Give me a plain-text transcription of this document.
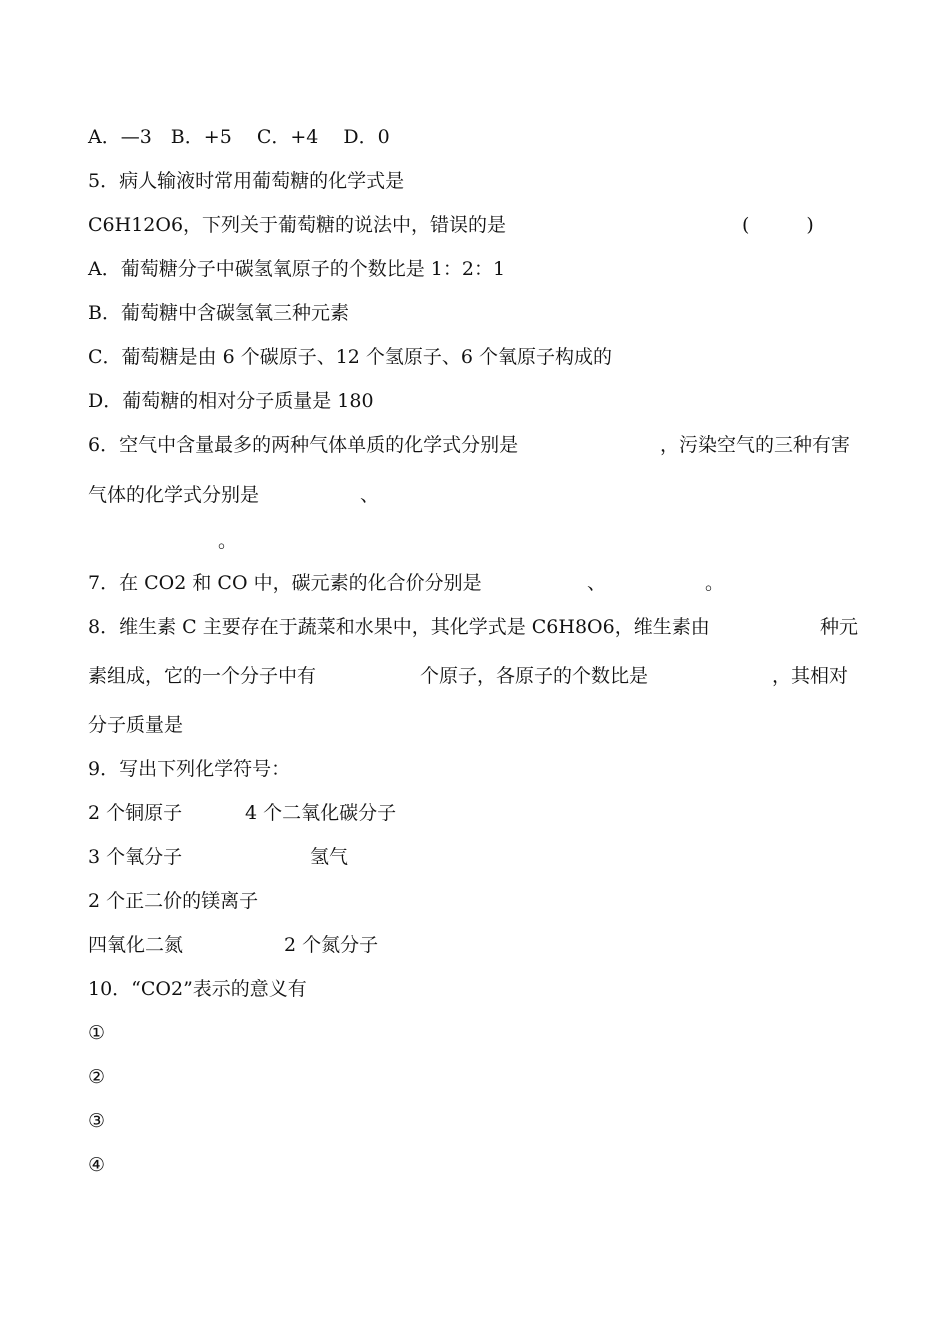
A．—3　B．+5　 C．+4　 D．0
5．病人输液时常用葡萄糖的化学式是
C6H12O6，下列关于葡萄糖的说法中，错误的是	(　　　)
A．葡萄糖分子中碳氢氧原子的个数比是 1：2：1
B．葡萄糖中含碳氢氧三种元素
C．葡萄糖是由 6 个碳原子、12 个氢原子、6 个氧原子构成的
D．葡萄糖的相对分子质量是 180
6．空气中含量最多的两种气体单质的化学式分别是	，污染空气的三种有害
气体的化学式分别是	、
。
7．在 CO2 和 CO 中，碳元素的化合价分别是	、	。
8．维生素 C 主要存在于蔬菜和水果中，其化学式是 C6H8O6，维生素由	种元
素组成，它的一个分子中有	个原子，各原子的个数比是	，其相对
分子质量是
9．写出下列化学符号：
2 个铜原子	4 个二氧化碳分子
3 个氧分子	氢气
2 个正二价的镁离子
四氧化二氮	2 个氮分子
10．“CO2”表示的意义有
①
②
③
④
